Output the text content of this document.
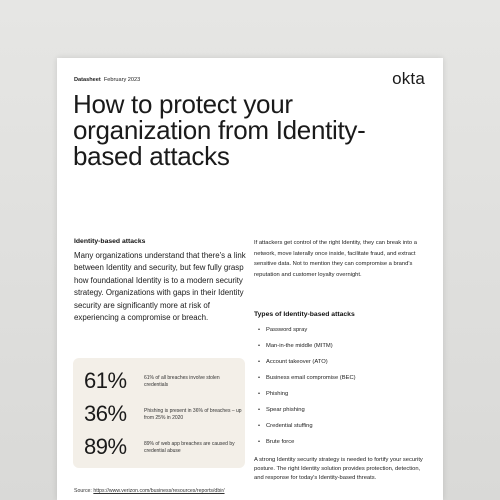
Datasheet February 2023	okta
How to protect your organization from Identity-based attacks
Identity-based attacks
Many organizations understand that there's a link between Identity and security, but few fully grasp how foundational Identity is to a modern security strategy. Organizations with gaps in their Identity security are significantly more at risk of experiencing a compromise or breach.
61%	61% of all breaches involve stolen credentials
36%	Phishing is present in 36% of breaches – up from 25% in 2020
89%	89% of web app breaches are caused by credential abuse
If attackers get control of the right Identity, they can break into a network, move laterally once inside, facilitate fraud, and extract sensitive data. Not to mention they can compromise a brand's reputation and customer loyalty overnight.
Types of Identity-based attacks
• Password spray
• Man-in-the middle (MITM)
• Account takeover (ATO)
• Business email compromise (BEC)
• Phishing
• Spear phishing
• Credential stuffing
• Brute force
A strong Identity security strategy is needed to fortify your security posture. The right Identity solution provides protection, detection, and response for today's Identity-based threats.
Source: https://www.verizon.com/business/resources/reports/dbir/
